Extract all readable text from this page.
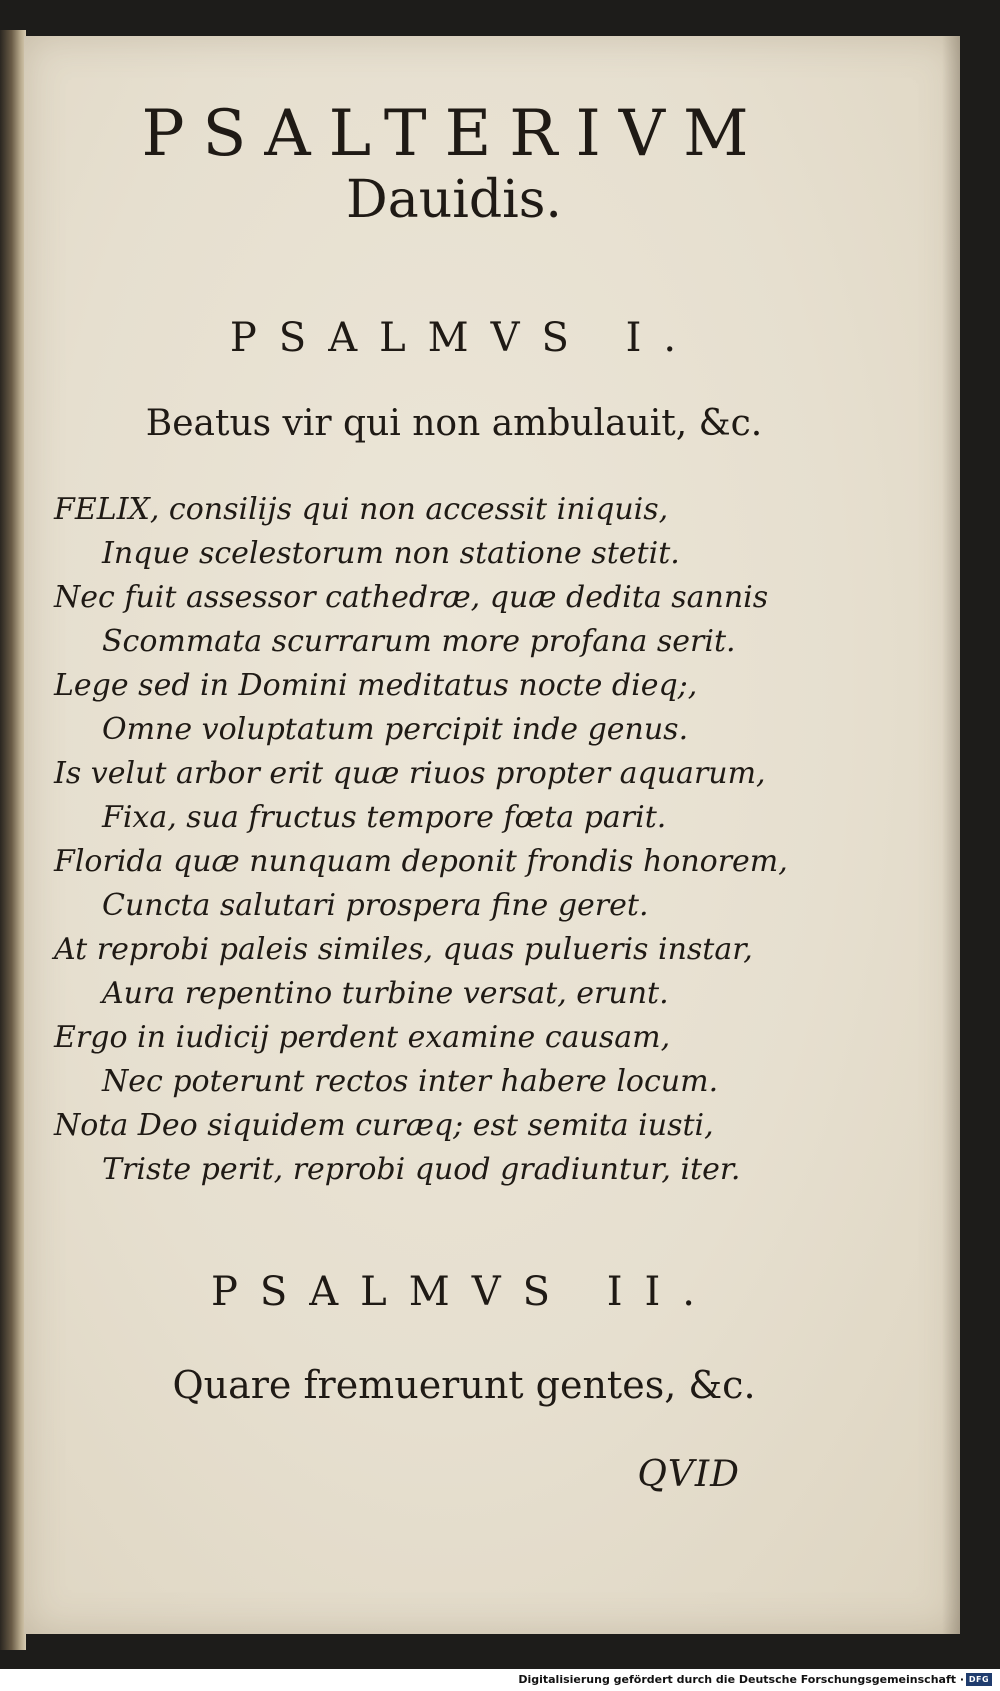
PSALTERIVM
Dauidis.
PSALMVS I.
Beatus vir qui non ambulauit, &c.
FELIX, consilijs qui non accessit iniquis,
Inque scelestorum non statione stetit.
Nec fuit assessor cathedræ, quæ dedita sannis
Scommata scurrarum more profana serit.
Lege sed in Domini meditatus nocte dieq;,
Omne voluptatum percipit inde genus.
Is velut arbor erit quæ riuos propter aquarum,
Fixa, sua fructus tempore fœta parit.
Florida quæ nunquam deponit frondis honorem,
Cuncta salutari prospera fine geret.
At reprobi paleis similes, quas pulueris instar,
Aura repentino turbine versat, erunt.
Ergo in iudicij perdent examine causam,
Nec poterunt rectos inter habere locum.
Nota Deo siquidem curæq; est semita iusti,
Triste perit, reprobi quod gradiuntur, iter.
PSALMVS II.
Quare fremuerunt gentes, &c.
QVID
Digitalisierung gefördert durch die Deutsche Forschungsgemeinschaft · DFG
